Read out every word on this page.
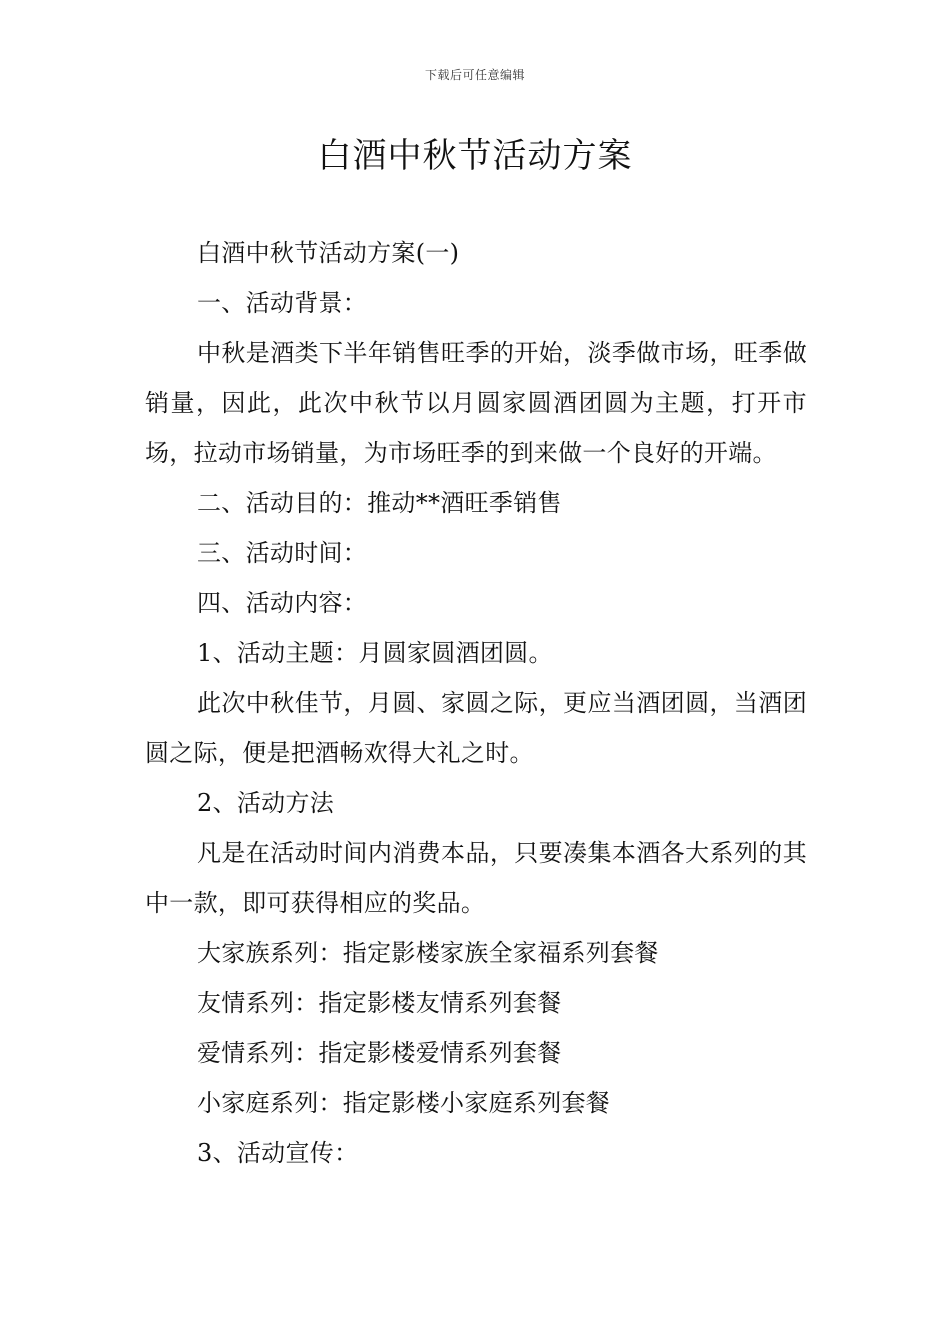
下载后可任意编辑
白酒中秋节活动方案

白酒中秋节活动方案(一)

一、活动背景：

中秋是酒类下半年销售旺季的开始，淡季做市场，旺季做销量，因此，此次中秋节以月圆家圆酒团圆为主题，打开市场，拉动市场销量，为市场旺季的到来做一个良好的开端。

二、活动目的：推动**酒旺季销售

三、活动时间：

四、活动内容：

1、活动主题：月圆家圆酒团圆。

此次中秋佳节，月圆、家圆之际，更应当酒团圆，当酒团圆之际，便是把酒畅欢得大礼之时。

2、活动方法

凡是在活动时间内消费本品，只要凑集本酒各大系列的其中一款，即可获得相应的奖品。

大家族系列：指定影楼家族全家福系列套餐

友情系列：指定影楼友情系列套餐

爱情系列：指定影楼爱情系列套餐

小家庭系列：指定影楼小家庭系列套餐

3、活动宣传：
